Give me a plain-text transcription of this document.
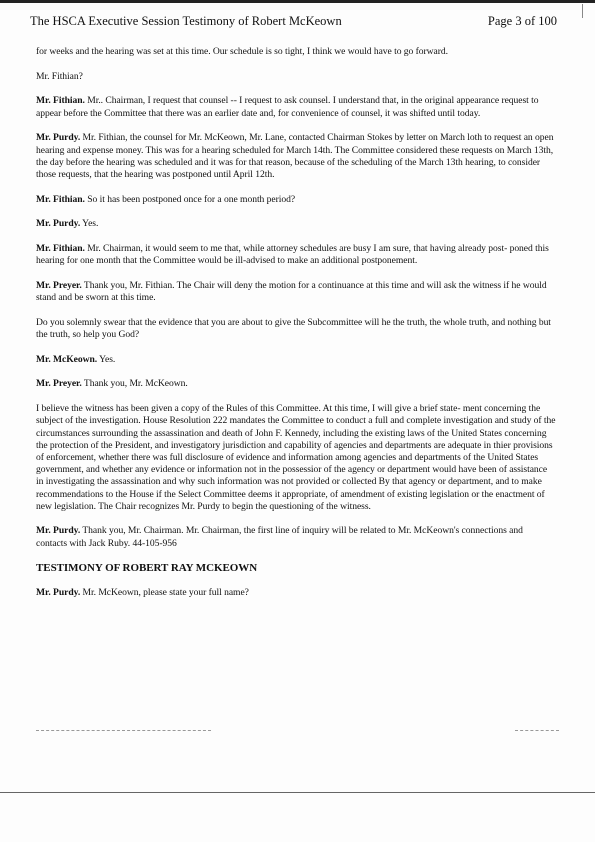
The HSCA Executive Session Testimony of Robert McKeown	Page 3 of 100

for weeks and the hearing was set at this time. Our schedule is so tight, I think we would have to go forward.

Mr. Fithian?

Mr. Fithian. Mr.. Chairman, I request that counsel -- I request to ask counsel. I understand that, in the original appearance request to appear before the Committee that there was an earlier date and, for convenience of counsel, it was shifted until today.

Mr. Purdy. Mr. Fithian, the counsel for Mr. McKeown, Mr. Lane, contacted Chairman Stokes by letter on March loth to request an open hearing and expense money. This was for a hearing scheduled for March 14th. The Committee considered these requests on March 13th, the day before the hearing was scheduled and it was for that reason, because of the scheduling of the March 13th hearing, to consider those requests, that the hearing was postponed until April 12th.

Mr. Fithian. So it has been postponed once for a one month period?

Mr. Purdy. Yes.

Mr. Fithian. Mr. Chairman, it would seem to me that, while attorney schedules are busy I am sure, that having already post- poned this hearing for one month that the Committee would be ill-advised to make an additional postponement.

Mr. Preyer. Thank you, Mr. Fithian. The Chair will deny the motion for a continuance at this time and will ask the witness if he would stand and be sworn at this time.

Do you solemnly swear that the evidence that you are about to give the Subcommittee will he the truth, the whole truth, and nothing but the truth, so help you God?

Mr. McKeown. Yes.

Mr. Preyer. Thank you, Mr. McKeown.

I believe the witness has been given a copy of the Rules of this Committee. At this time, I will give a brief state- ment concerning the subject of the investigation. House Resolution 222 mandates the Committee to conduct a full and complete investigation and study of the circumstances surrounding the assassination and death of John F. Kennedy, including the existing laws of the United States concerning the protection of the President, and investigatory jurisdiction and capability of agencies and departments are adequate in thier provisions of enforcement, whether there was full disclosure of evidence and information among agencies and departments of the United States government, and whether any evidence or information not in the possessior of the agency or department would have been of assistance in investigating the assassination and why such information was not provided or collected By that agency or department, and to make recommendations to the House if the Select Committee deems it appropriate, of amendment of existing legislation or the enactment of new legislation. The Chair recognizes Mr. Purdy to begin the questioning of the witness.

Mr. Purdy. Thank you, Mr. Chairman. Mr. Chairman, the first line of inquiry will be related to Mr. McKeown's connections and contacts with Jack Ruby. 44-105-956

TESTIMONY OF ROBERT RAY MCKEOWN

Mr. Purdy. Mr. McKeown, please state your full name?
